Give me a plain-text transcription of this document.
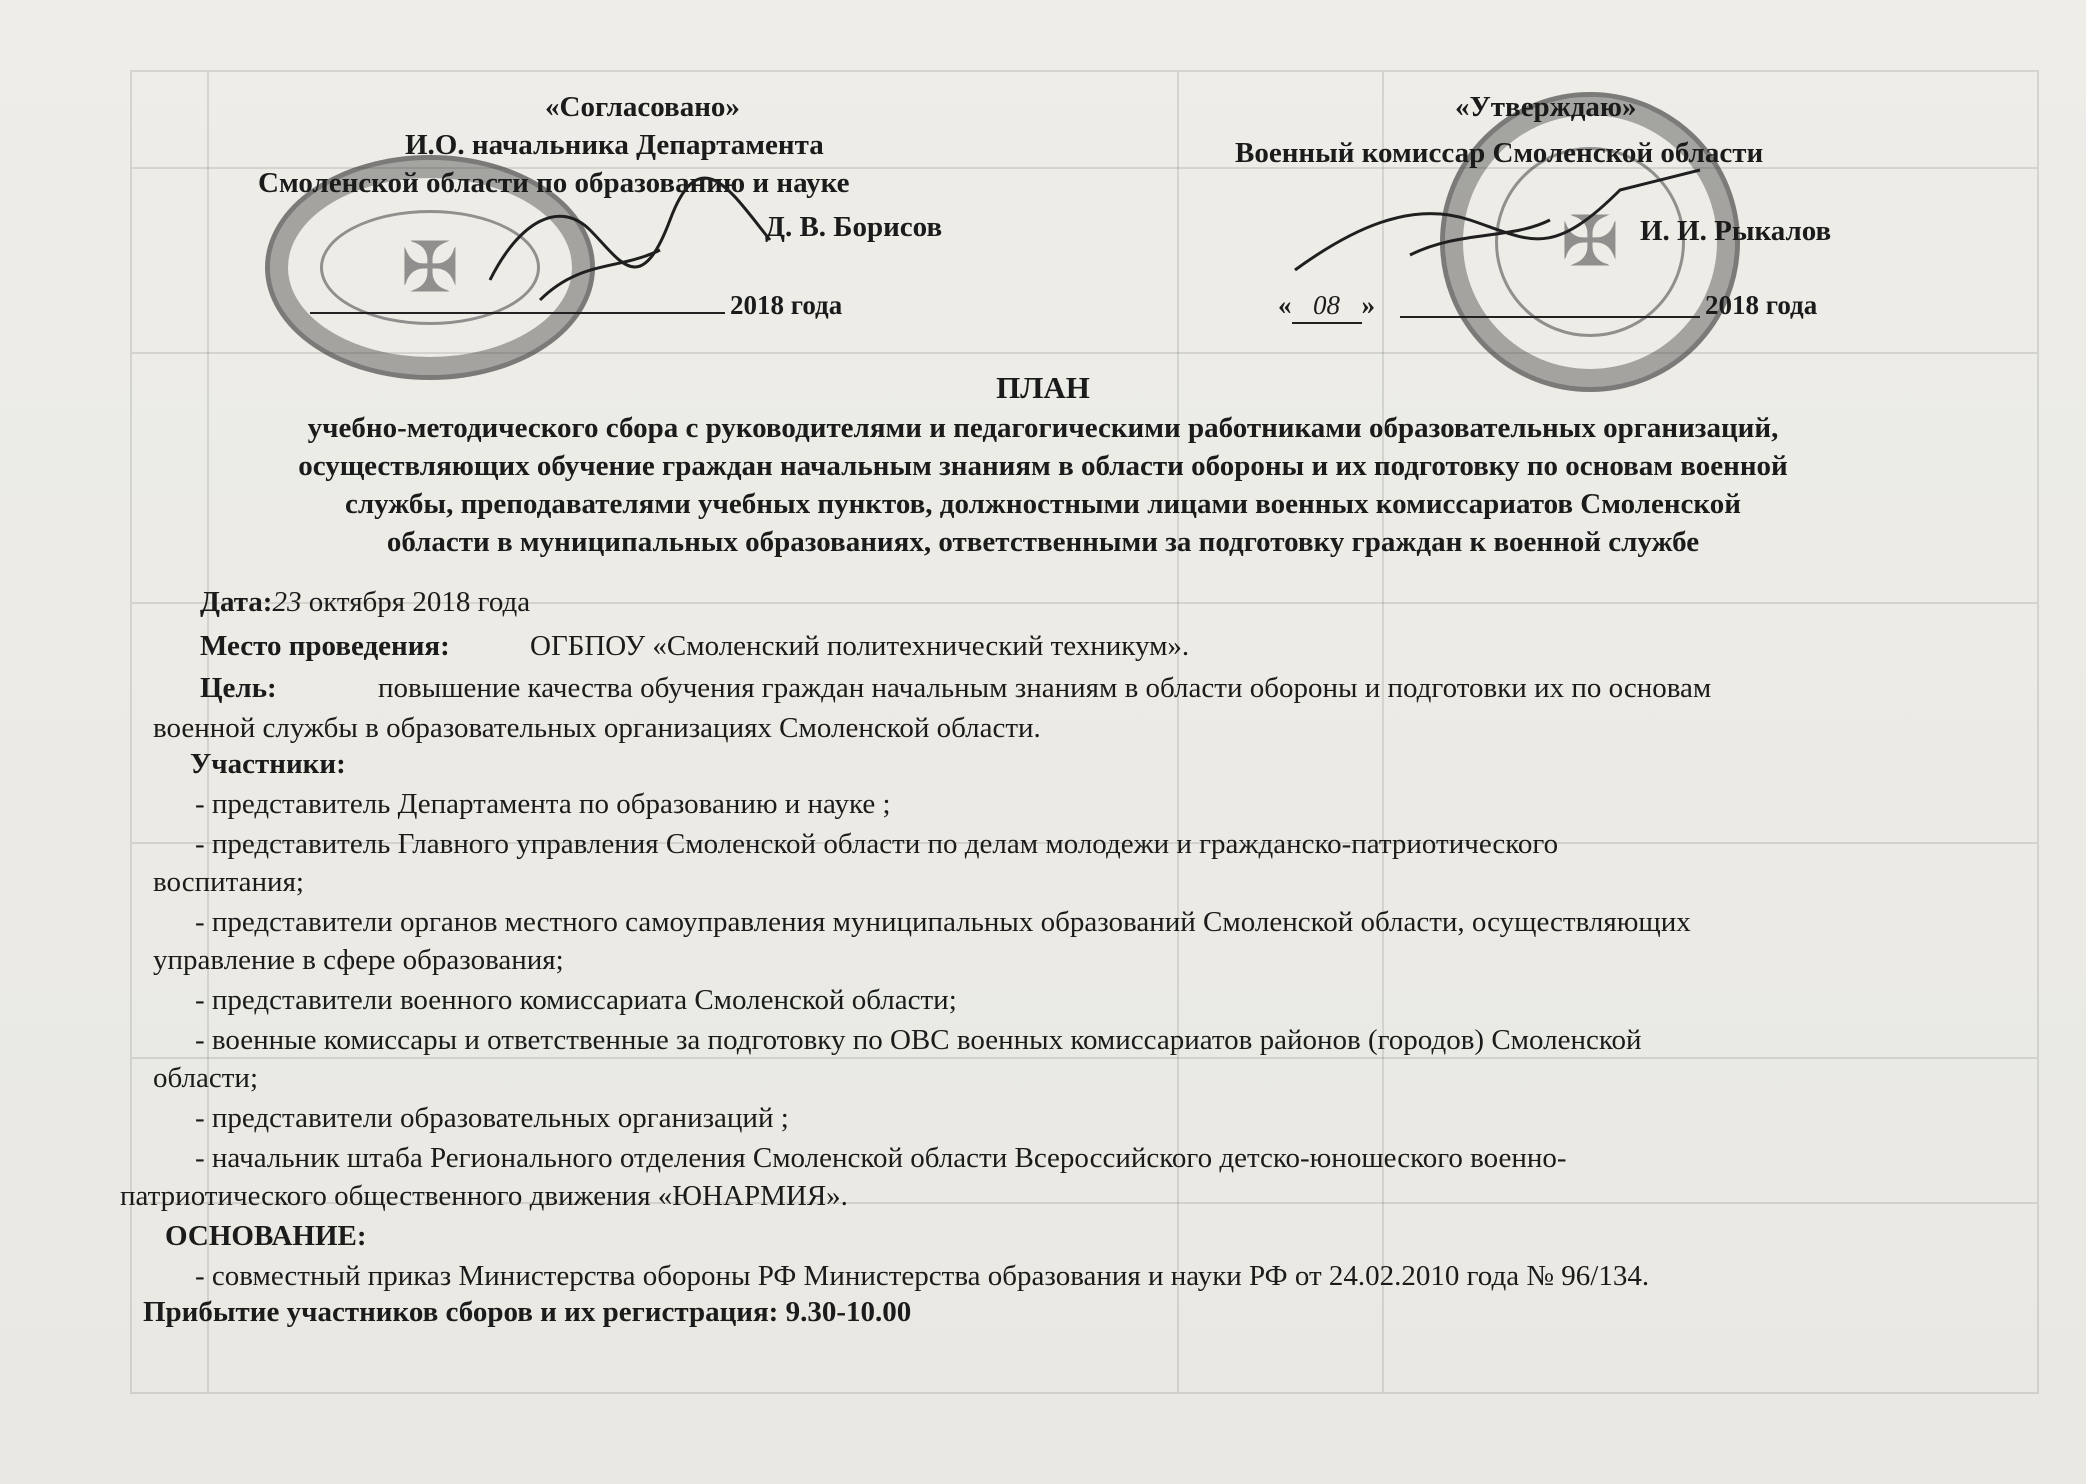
«Согласовано»
И.О. начальника Департамента
Смоленской области по образованию и науке
Д. В. Борисов
2018 года
✠
«Утверждаю»
Военный комиссар Смоленской области
И. И. Рыкалов
« 08 »	2018 года
✠
ПЛАН
учебно-методического сбора с руководителями и педагогическими работниками образовательных организаций,
осуществляющих обучение граждан начальным знаниям в области обороны и их подготовку по основам военной
службы, преподавателями учебных пунктов, должностными лицами военных комиссариатов Смоленской
области в муниципальных образованиях, ответственными за подготовку граждан к военной службе
Дата:23 октября 2018 года
Место проведения:	ОГБПОУ «Смоленский политехнический техникум».
Цель:	повышение качества обучения граждан начальным знаниям в области обороны и подготовки их по основам
военной службы в образовательных организациях Смоленской области.
Участники:
- представитель Департамента по образованию и науке ;
- представитель Главного управления Смоленской области по делам молодежи и гражданско-патриотического
воспитания;
- представители органов местного самоуправления муниципальных образований Смоленской области, осуществляющих
управление в сфере образования;
- представители военного комиссариата Смоленской области;
- военные комиссары и ответственные за подготовку по ОВС военных комиссариатов районов (городов) Смоленской
области;
- представители образовательных организаций ;
- начальник штаба Регионального отделения Смоленской области Всероссийского детско-юношеского военно-
патриотического общественного движения «ЮНАРМИЯ».
ОСНОВАНИЕ:
- совместный приказ Министерства обороны РФ Министерства образования и науки РФ от 24.02.2010 года № 96/134.
Прибытие участников сборов и их регистрация: 9.30-10.00
